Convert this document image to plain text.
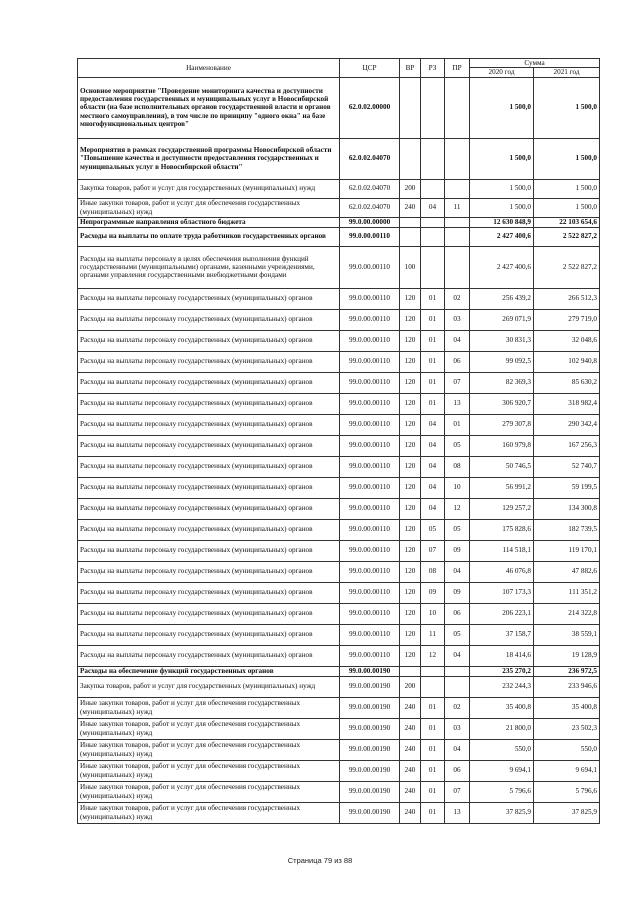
Наименование	ЦСР	ВР	РЗ	ПР	Сумма	
					2020 год	2021 год
Основное мероприятие "Проведение мониторинга качества и доступности предоставления государственных и муниципальных услуг в Новосибирской области (на базе исполнительных органов государственной власти и органов местного самоуправления), в том числе по принципу "одного окна" на базе многофункциональных центров"	62.0.02.00000				1 500,0	1 500,0
Мероприятия в рамках государственной программы Новосибирской области "Повышение качества и доступности предоставления государственных и муниципальных услуг в Новосибирской области"	62.0.02.04070				1 500,0	1 500,0
Закупка товаров, работ и услуг для государственных (муниципальных) нужд	62.0.02.04070	200			1 500,0	1 500,0
Иные закупки товаров, работ и услуг для обеспечения государственных (муниципальных) нужд	62.0.02.04070	240	04	11	1 500,0	1 500,0
Непрограммные направления областного бюджета	99.0.00.00000				12 630 848,9	22 103 654,6
Расходы на выплаты по оплате труда работников государственных органов	99.0.00.00110				2 427 400,6	2 522 827,2
Расходы на выплаты персоналу в целях обеспечения выполнения функций государственными (муниципальными) органами, казенными учреждениями, органами управления государственными внебюджетными фондами	99.0.00.00110	100			2 427 400,6	2 522 827,2
Расходы на выплаты персоналу государственных (муниципальных) органов	99.0.00.00110	120	01	02	256 439,2	266 512,3
Расходы на выплаты персоналу государственных (муниципальных) органов	99.0.00.00110	120	01	03	269 071,9	279 719,0
Расходы на выплаты персоналу государственных (муниципальных) органов	99.0.00.00110	120	01	04	30 831,3	32 048,6
Расходы на выплаты персоналу государственных (муниципальных) органов	99.0.00.00110	120	01	06	99 092,5	102 940,8
Расходы на выплаты персоналу государственных (муниципальных) органов	99.0.00.00110	120	01	07	82 369,3	85 630,2
Расходы на выплаты персоналу государственных (муниципальных) органов	99.0.00.00110	120	01	13	306 920,7	318 982,4
Расходы на выплаты персоналу государственных (муниципальных) органов	99.0.00.00110	120	04	01	279 307,8	290 342,4
Расходы на выплаты персоналу государственных (муниципальных) органов	99.0.00.00110	120	04	05	160 979,8	167 256,3
Расходы на выплаты персоналу государственных (муниципальных) органов	99.0.00.00110	120	04	08	50 746,5	52 740,7
Расходы на выплаты персоналу государственных (муниципальных) органов	99.0.00.00110	120	04	10	56 991,2	59 199,5
Расходы на выплаты персоналу государственных (муниципальных) органов	99.0.00.00110	120	04	12	129 257,2	134 300,8
Расходы на выплаты персоналу государственных (муниципальных) органов	99.0.00.00110	120	05	05	175 828,6	182 739,5
Расходы на выплаты персоналу государственных (муниципальных) органов	99.0.00.00110	120	07	09	114 518,1	119 170,1
Расходы на выплаты персоналу государственных (муниципальных) органов	99.0.00.00110	120	08	04	46 076,8	47 882,6
Расходы на выплаты персоналу государственных (муниципальных) органов	99.0.00.00110	120	09	09	107 173,3	111 351,2
Расходы на выплаты персоналу государственных (муниципальных) органов	99.0.00.00110	120	10	06	206 223,1	214 322,8
Расходы на выплаты персоналу государственных (муниципальных) органов	99.0.00.00110	120	11	05	37 158,7	38 559,1
Расходы на выплаты персоналу государственных (муниципальных) органов	99.0.00.00110	120	12	04	18 414,6	19 128,9
Расходы на обеспечение функций государственных органов	99.0.00.00190				235 270,2	236 972,5
Закупка товаров, работ и услуг для государственных (муниципальных) нужд	99.0.00.00190	200			232 244,3	233 946,6
Иные закупки товаров, работ и услуг для обеспечения государственных (муниципальных) нужд	99.0.00.00190	240	01	02	35 400,8	35 400,8
Иные закупки товаров, работ и услуг для обеспечения государственных (муниципальных) нужд	99.0.00.00190	240	01	03	21 800,0	23 502,3
Иные закупки товаров, работ и услуг для обеспечения государственных (муниципальных) нужд	99.0.00.00190	240	01	04	550,0	550,0
Иные закупки товаров, работ и услуг для обеспечения государственных (муниципальных) нужд	99.0.00.00190	240	01	06	9 694,1	9 694,1
Иные закупки товаров, работ и услуг для обеспечения государственных (муниципальных) нужд	99.0.00.00190	240	01	07	5 796,6	5 796,6
Иные закупки товаров, работ и услуг для обеспечения государственных (муниципальных) нужд	99.0.00.00190	240	01	13	37 825,9	37 825,9
Страница 79 из 88
